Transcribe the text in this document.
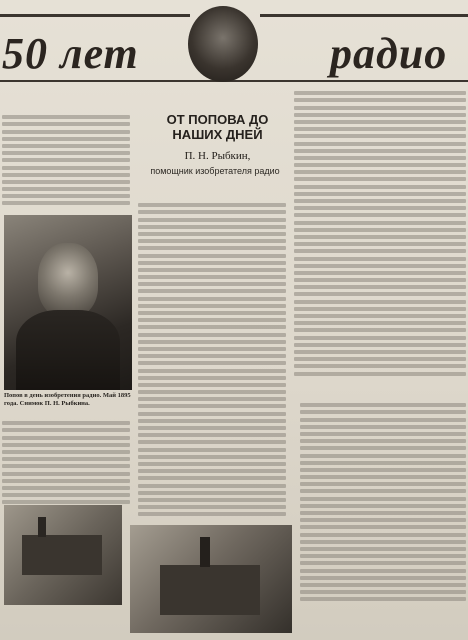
50 лет	радио
ОТ ПОПОВА ДО НАШИХ ДНЕЙ
П. Н. Рыбкин,
помощник изобретателя радио
Попов в день изобретения радио. Май 1895 года. Снимок П. Н. Рыбкина.
